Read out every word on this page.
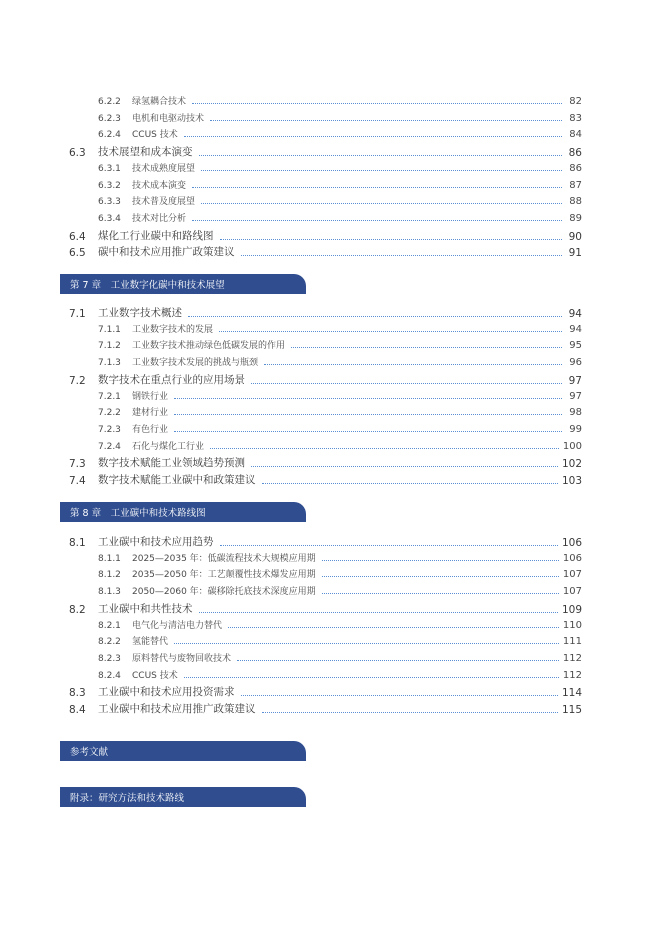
6.2.2	绿氢耦合技术	82
6.2.3	电机和电驱动技术	83
6.2.4	CCUS 技术	84
6.3	技术展望和成本演变	86
6.3.1	技术成熟度展望	86
6.3.2	技术成本演变	87
6.3.3	技术普及度展望	88
6.3.4	技术对比分析	89
6.4	煤化工行业碳中和路线图	90
6.5	碳中和技术应用推广政策建议	91
第 7 章　工业数字化碳中和技术展望
7.1	工业数字技术概述	94
7.1.1	工业数字技术的发展	94
7.1.2	工业数字技术推动绿色低碳发展的作用	95
7.1.3	工业数字技术发展的挑战与瓶颈	96
7.2	数字技术在重点行业的应用场景	97
7.2.1	钢铁行业	97
7.2.2	建材行业	98
7.2.3	有色行业	99
7.2.4	石化与煤化工行业	100
7.3	数字技术赋能工业领域趋势预测	102
7.4	数字技术赋能工业碳中和政策建议	103
第 8 章　工业碳中和技术路线图
8.1	工业碳中和技术应用趋势	106
8.1.1	2025—2035 年：低碳流程技术大规模应用期	106
8.1.2	2035—2050 年：工艺颠覆性技术爆发应用期	107
8.1.3	2050—2060 年：碳移除托底技术深度应用期	107
8.2	工业碳中和共性技术	109
8.2.1	电气化与清洁电力替代	110
8.2.2	氢能替代	111
8.2.3	原料替代与废物回收技术	112
8.2.4	CCUS 技术	112
8.3	工业碳中和技术应用投资需求	114
8.4	工业碳中和技术应用推广政策建议	115
参考文献
附录：研究方法和技术路线
